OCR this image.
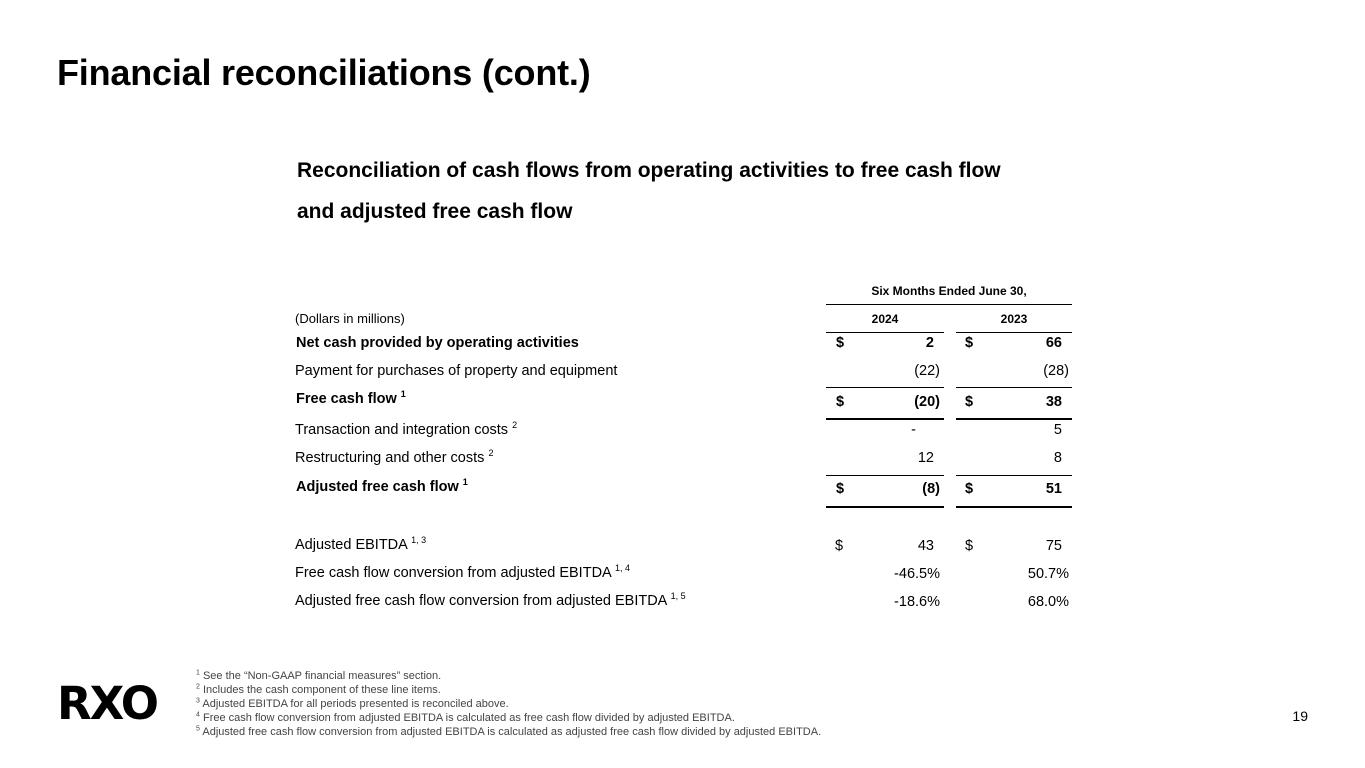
Financial reconciliations (cont.)
Reconciliation of cash flows from operating activities to free cash flow
and adjusted free cash flow
Six Months Ended June 30,
(Dollars in millions)	2024	2023
Net cash provided by operating activities	$	2 $	66
Payment for purchases of property and equipment	(22)	(28)
Free cash flow $^1$	$	(20) $	38
Transaction and integration costs $^2$	-	5
Restructuring and other costs $^2$	12	8
Adjusted free cash flow $^1$	$	(8) $	51
Adjusted EBITDA $^{1, 3}$	$	43 $	75
Free cash flow conversion from adjusted EBITDA $^{1, 4}$	-46.5%	50.7%
Adjusted free cash flow conversion from adjusted EBITDA $^{1, 5}$	-18.6%	68.0%
RXO

$^1$ See the “Non-GAAP financial measures” section.

$^2$ Includes the cash component of these line items.

$^3$ Adjusted EBITDA for all periods presented is reconciled above.

$^4$ Free cash flow conversion from adjusted EBITDA is calculated as free cash flow divided by adjusted EBITDA.

$^5$ Adjusted free cash flow conversion from adjusted EBITDA is calculated as adjusted free cash flow divided by adjusted EBITDA.

19
